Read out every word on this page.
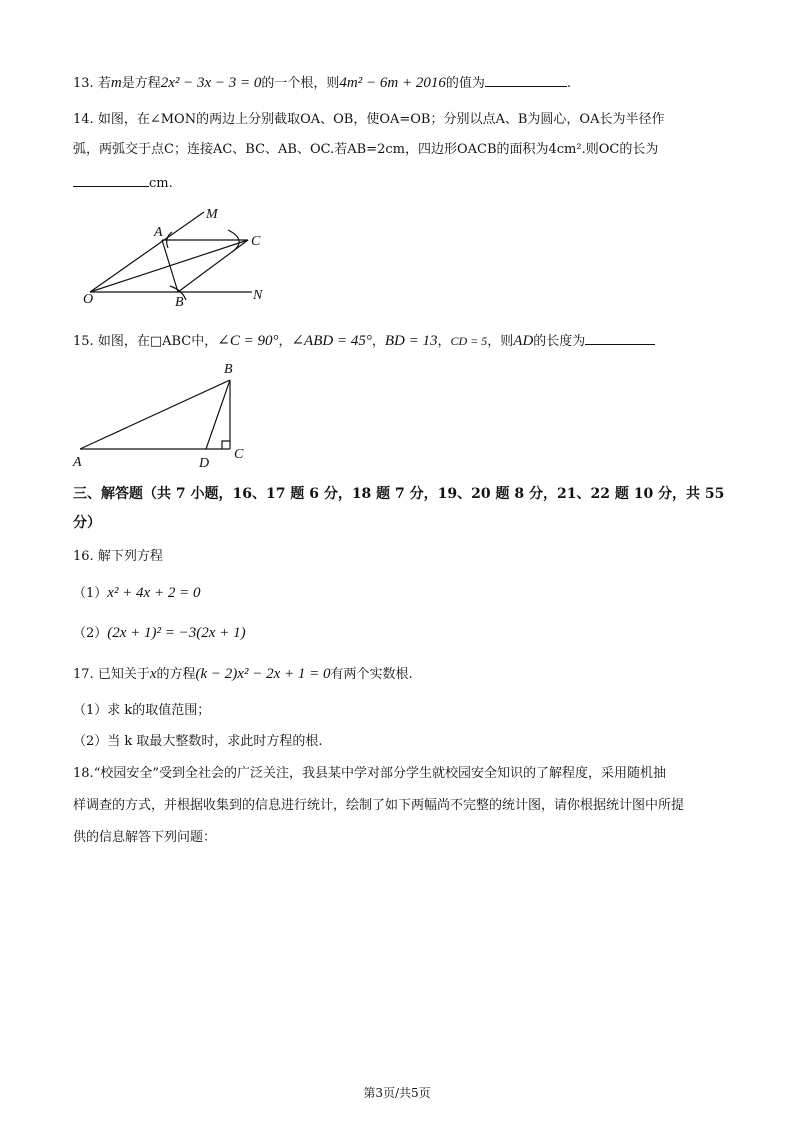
13. 若m是方程2x² − 3x − 3 = 0的一个根，则4m² − 6m + 2016的值为	.
14. 如图，在∠MON的两边上分别截取OA、OB，使OA=OB；分别以点A、B为圆心，OA长为半径作
弧，两弧交于点C；连接AC、BC、AB、OC.若AB=2cm，四边形OACB的面积为4cm².则OC的长为
cm.
M
A
C
O	B	N
15. 如图，在□ABC中，∠C = 90°，∠ABD = 45°，BD = 13，CD = 5，则AD的长度为
B
A	D
C
三、解答题（共 7 小题，16、17 题 6 分，18 题 7 分，19、20 题 8 分，21、22 题 10 分，共 55
分）
16. 解下列方程
（1）x² + 4x + 2 = 0
（2）(2x + 1)² = −3(2x + 1)
17. 已知关于x的方程(k − 2)x² − 2x + 1 = 0有两个实数根.
（1）求 k的取值范围；
（2）当 k 取最大整数时，求此时方程的根.
18.“校园安全”受到全社会的广泛关注，我县某中学对部分学生就校园安全知识的了解程度，采用随机抽
样调查的方式，并根据收集到的信息进行统计，绘制了如下两幅尚不完整的统计图，请你根据统计图中所提
供的信息解答下列问题：
第3页/共5页
